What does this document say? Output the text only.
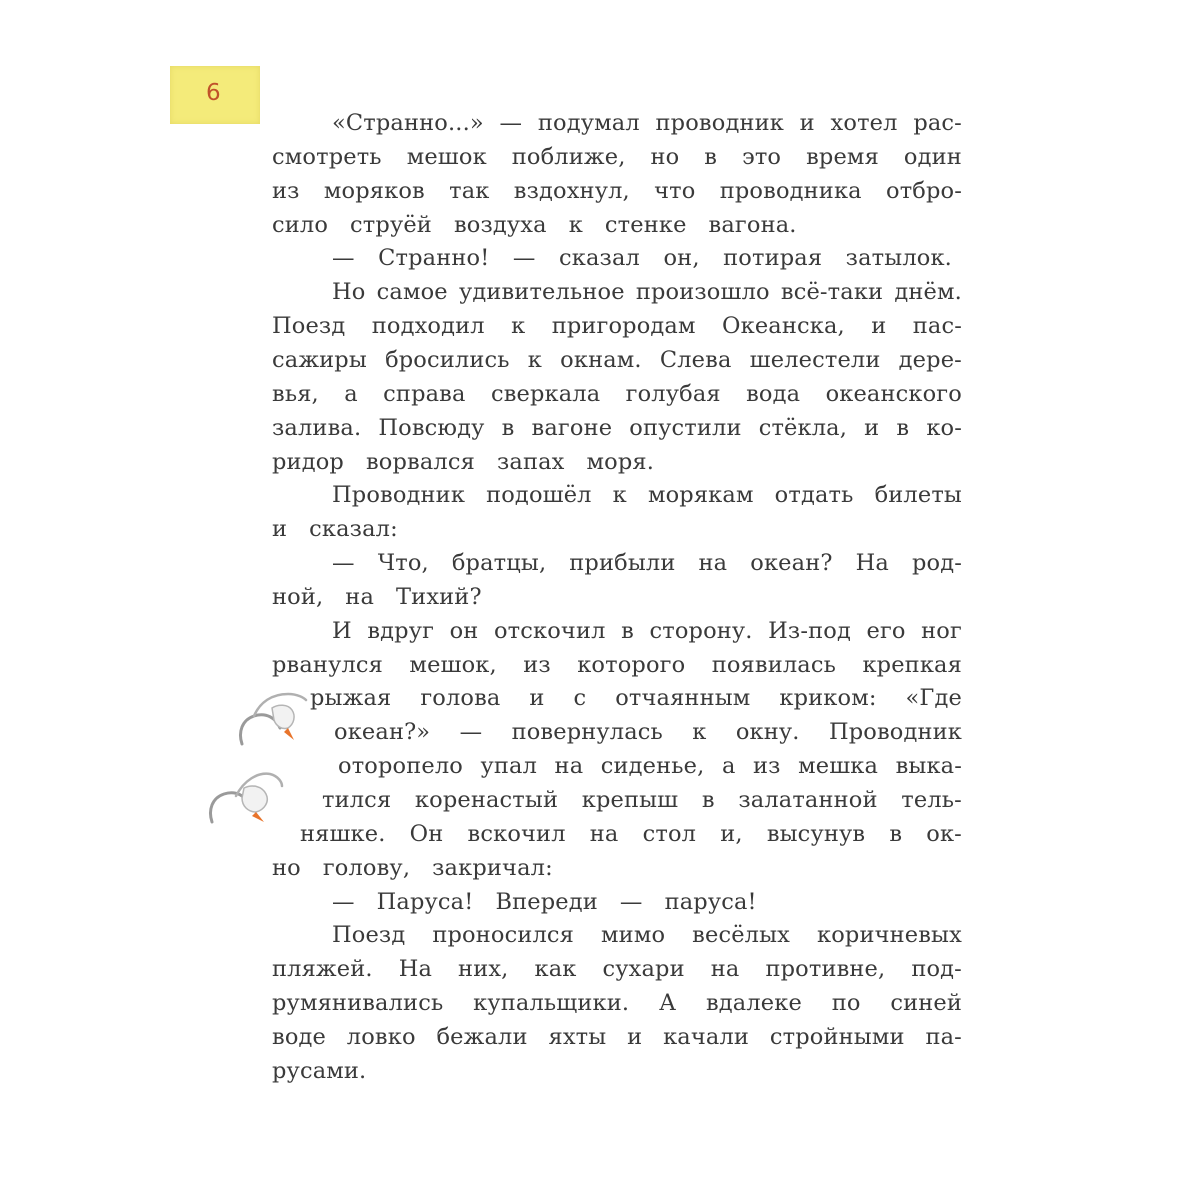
6
«Странно...» — подумал проводник и хотел рас-
смотреть мешок поближе, но в это время один
из моряков так вздохнул, что проводника отбро-
сило струёй воздуха к стенке вагона.
— Странно! — сказал он, потирая затылок.
Но самое удивительное произошло всё-таки днём.
Поезд подходил к пригородам Океанска, и пас-
сажиры бросились к окнам. Слева шелестели дере-
вья, а справа сверкала голубая вода океанского
залива. Повсюду в вагоне опустили стёкла, и в ко-
ридор ворвался запах моря.
Проводник подошёл к морякам отдать билеты
и сказал:
— Что, братцы, прибыли на океан? На род-
ной, на Тихий?
И вдруг он отскочил в сторону. Из-под его ног
рванулся мешок, из которого появилась крепкая
рыжая голова и с отчаянным криком: «Где
океан?» — повернулась к окну. Проводник
оторопело упал на сиденье, а из мешка выка-
тился коренастый крепыш в залатанной тель-
няшке. Он вскочил на стол и, высунув в ок-
но голову, закричал:
— Паруса! Впереди — паруса!
Поезд проносился мимо весёлых коричневых
пляжей. На них, как сухари на противне, под-
румянивались купальщики. А вдалеке по синей
воде ловко бежали яхты и качали стройными па-
русами.
